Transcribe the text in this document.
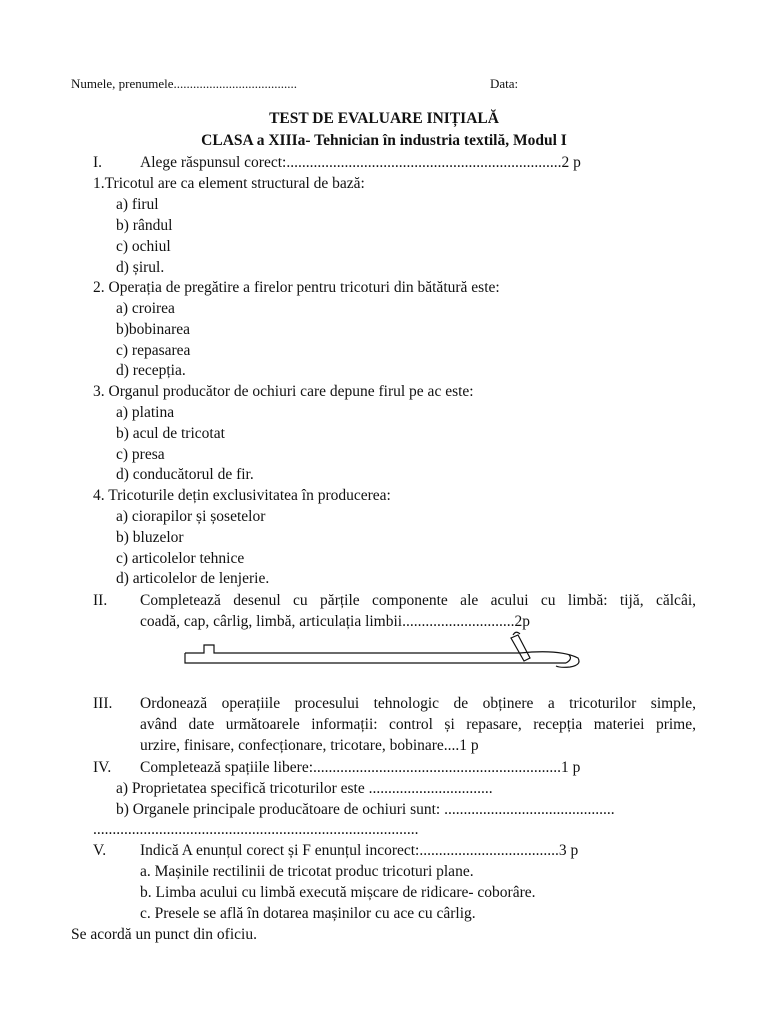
Numele, prenumele......................................	Data:
TEST DE EVALUARE INIȚIALĂ
CLASA a XIIIa- Tehnician în industria textilă, Modul I
I. Alege răspunsul corect:.......................................................................2 p
1.Tricotul are ca element structural de bază:
a) firul
b) rândul
c) ochiul
d) șirul.
2. Operația de pregătire a firelor pentru tricoturi din bătătură este:
a) croirea
b)bobinarea
c) repasarea
d) recepția.
3. Organul producător de ochiuri care depune firul pe ac este:
a) platina
b) acul de tricotat
c) presa
d) conducătorul de fir.
4. Tricoturile dețin exclusivitatea în producerea:
a) ciorapilor și șosetelor
b) bluzelor
c) articolelor tehnice
d) articolelor de lenjerie.
II. Completează desenul cu părțile componente ale acului cu limbă: tijă, călcâi,
coadă, cap, cârlig, limbă, articulația limbii.............................2p
III. Ordonează operațiile procesului tehnologic de obținere a tricoturilor simple,
având date următoarele informații: control și repasare, recepția materiei prime,
urzire, finisare, confecționare, tricotare, bobinare....1 p
IV. Completează spațiile libere:................................................................1 p
a) Proprietatea specifică tricoturilor este ................................
b) Organele principale producătoare de ochiuri sunt: ............................................
....................................................................................
V. Indică A enunțul corect și F enunțul incorect:....................................3 p
a. Mașinile rectilinii de tricotat produc tricoturi plane.
b. Limba acului cu limbă execută mișcare de ridicare- coborâre.
c. Presele se află în dotarea mașinilor cu ace cu cârlig.
Se acordă un punct din oficiu.
